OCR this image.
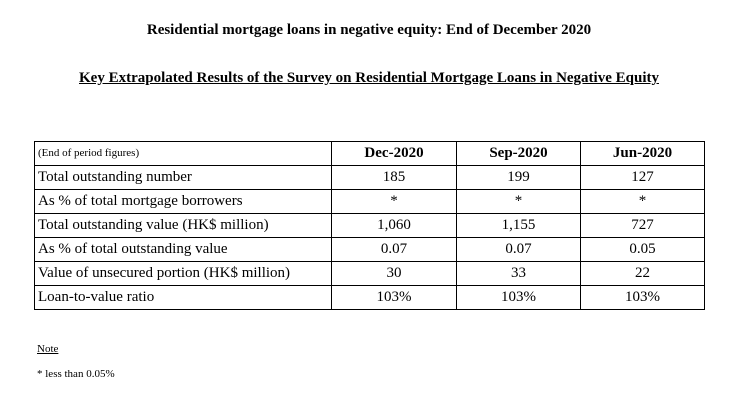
Residential mortgage loans in negative equity: End of December 2020
Key Extrapolated Results of the Survey on Residential Mortgage Loans in Negative Equity
(End of period figures)	Dec-2020	Sep-2020	Jun-2020
Total outstanding number	185	199	127
As % of total mortgage borrowers	*	*	*
Total outstanding value (HK$ million)	1,060	1,155	727
As % of total outstanding value	0.07	0.07	0.05
Value of unsecured portion (HK$ million)	30	33	22
Loan-to-value ratio	103%	103%	103%
Note
* less than 0.05%
